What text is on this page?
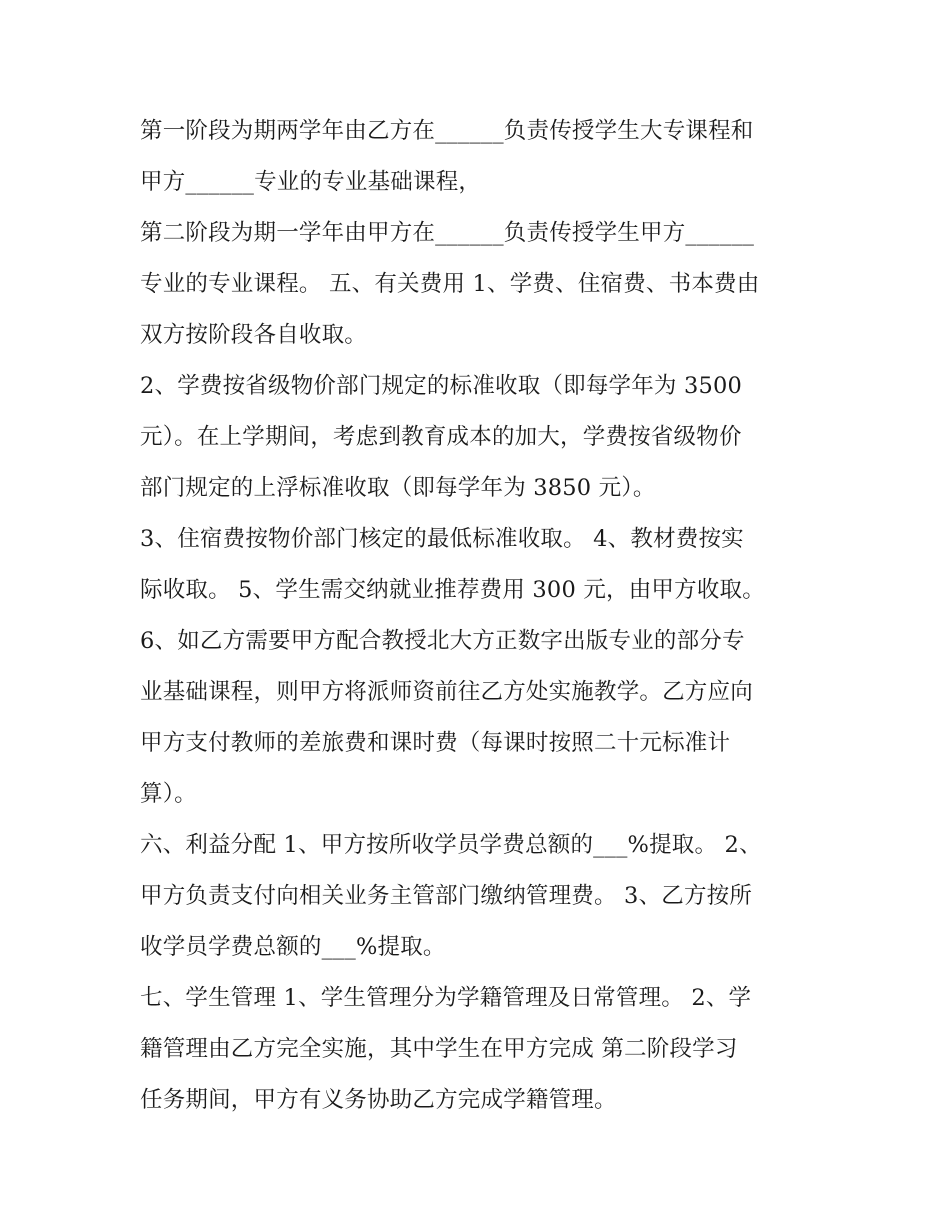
第一阶段为期两学年由乙方在______负责传授学生大专课程和
甲方______专业的专业基础课程，
第二阶段为期一学年由甲方在______负责传授学生甲方______
专业的专业课程。 五、有关费用 1、学费、住宿费、书本费由
双方按阶段各自收取。
2、学费按省级物价部门规定的标准收取（即每学年为 3500
元）。在上学期间，考虑到教育成本的加大，学费按省级物价
部门规定的上浮标准收取（即每学年为 3850 元）。
3、住宿费按物价部门核定的最低标准收取。 4、教材费按实
际收取。 5、学生需交纳就业推荐费用 300 元，由甲方收取。
6、如乙方需要甲方配合教授北大方正数字出版专业的部分专
业基础课程，则甲方将派师资前往乙方处实施教学。乙方应向
甲方支付教师的差旅费和课时费（每课时按照二十元标准计
算）。
六、利益分配 1、甲方按所收学员学费总额的___%提取。 2、
甲方负责支付向相关业务主管部门缴纳管理费。 3、乙方按所
收学员学费总额的___%提取。
七、学生管理 1、学生管理分为学籍管理及日常管理。 2、学
籍管理由乙方完全实施，其中学生在甲方完成 第二阶段学习
任务期间，甲方有义务协助乙方完成学籍管理。
